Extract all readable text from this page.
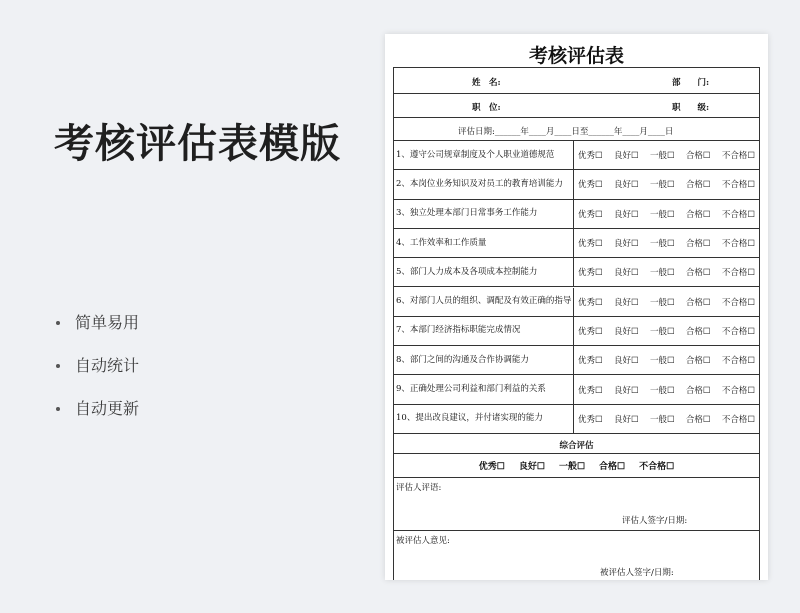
考核评估表模版
简单易用
自动统计
自动更新
考核评估表
姓　名:	部　　门:
职　位:	职　　级:
评估日期:______年____月____日至______年____月____日
1、遵守公司规章制度及个人职业道德规范	优秀☐ 良好☐ 一般☐ 合格☐ 不合格☐
2、本岗位业务知识及对员工的教育培训能力	优秀☐ 良好☐ 一般☐ 合格☐ 不合格☐
3、独立处理本部门日常事务工作能力	优秀☐ 良好☐ 一般☐ 合格☐ 不合格☐
4、工作效率和工作质量	优秀☐ 良好☐ 一般☐ 合格☐ 不合格☐
5、部门人力成本及各项成本控制能力	优秀☐ 良好☐ 一般☐ 合格☐ 不合格☐
6、对部门人员的组织、调配及有效正确的指导 优秀☐ 良好☐ 一般☐ 合格☐ 不合格☐
7、本部门经济指标职能完成情况	优秀☐ 良好☐ 一般☐ 合格☐ 不合格☐
8、部门之间的沟通及合作协调能力	优秀☐ 良好☐ 一般☐ 合格☐ 不合格☐
9、正确处理公司利益和部门利益的关系	优秀☐ 良好☐ 一般☐ 合格☐ 不合格☐
10、提出改良建议，并付诸实现的能力	优秀☐ 良好☐ 一般☐ 合格☐ 不合格☐
综合评估
优秀☐ 良好☐ 一般☐ 合格☐ 不合格☐
评估人评语:
评估人签字/日期:
被评估人意见:
被评估人签字/日期:
